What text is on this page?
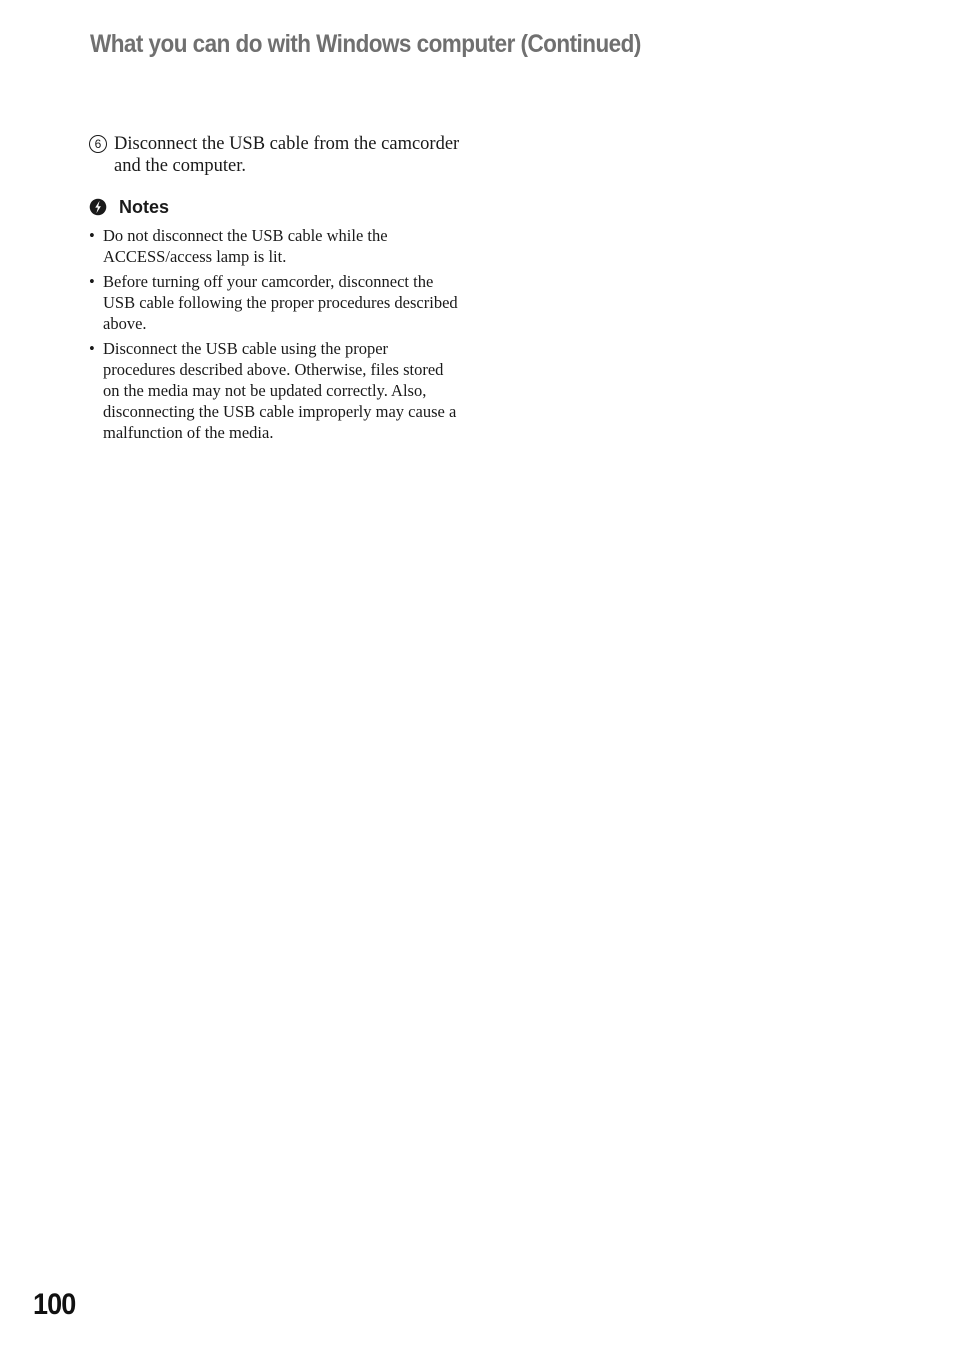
What you can do with Windows computer (Continued)
6 Disconnect the USB cable from the camcorder and the computer.
Notes
• Do not disconnect the USB cable while the ACCESS/access lamp is lit.
• Before turning off your camcorder, disconnect the USB cable following the proper procedures described above.
• Disconnect the USB cable using the proper procedures described above. Otherwise, files stored on the media may not be updated correctly. Also, disconnecting the USB cable improperly may cause a malfunction of the media.
100
